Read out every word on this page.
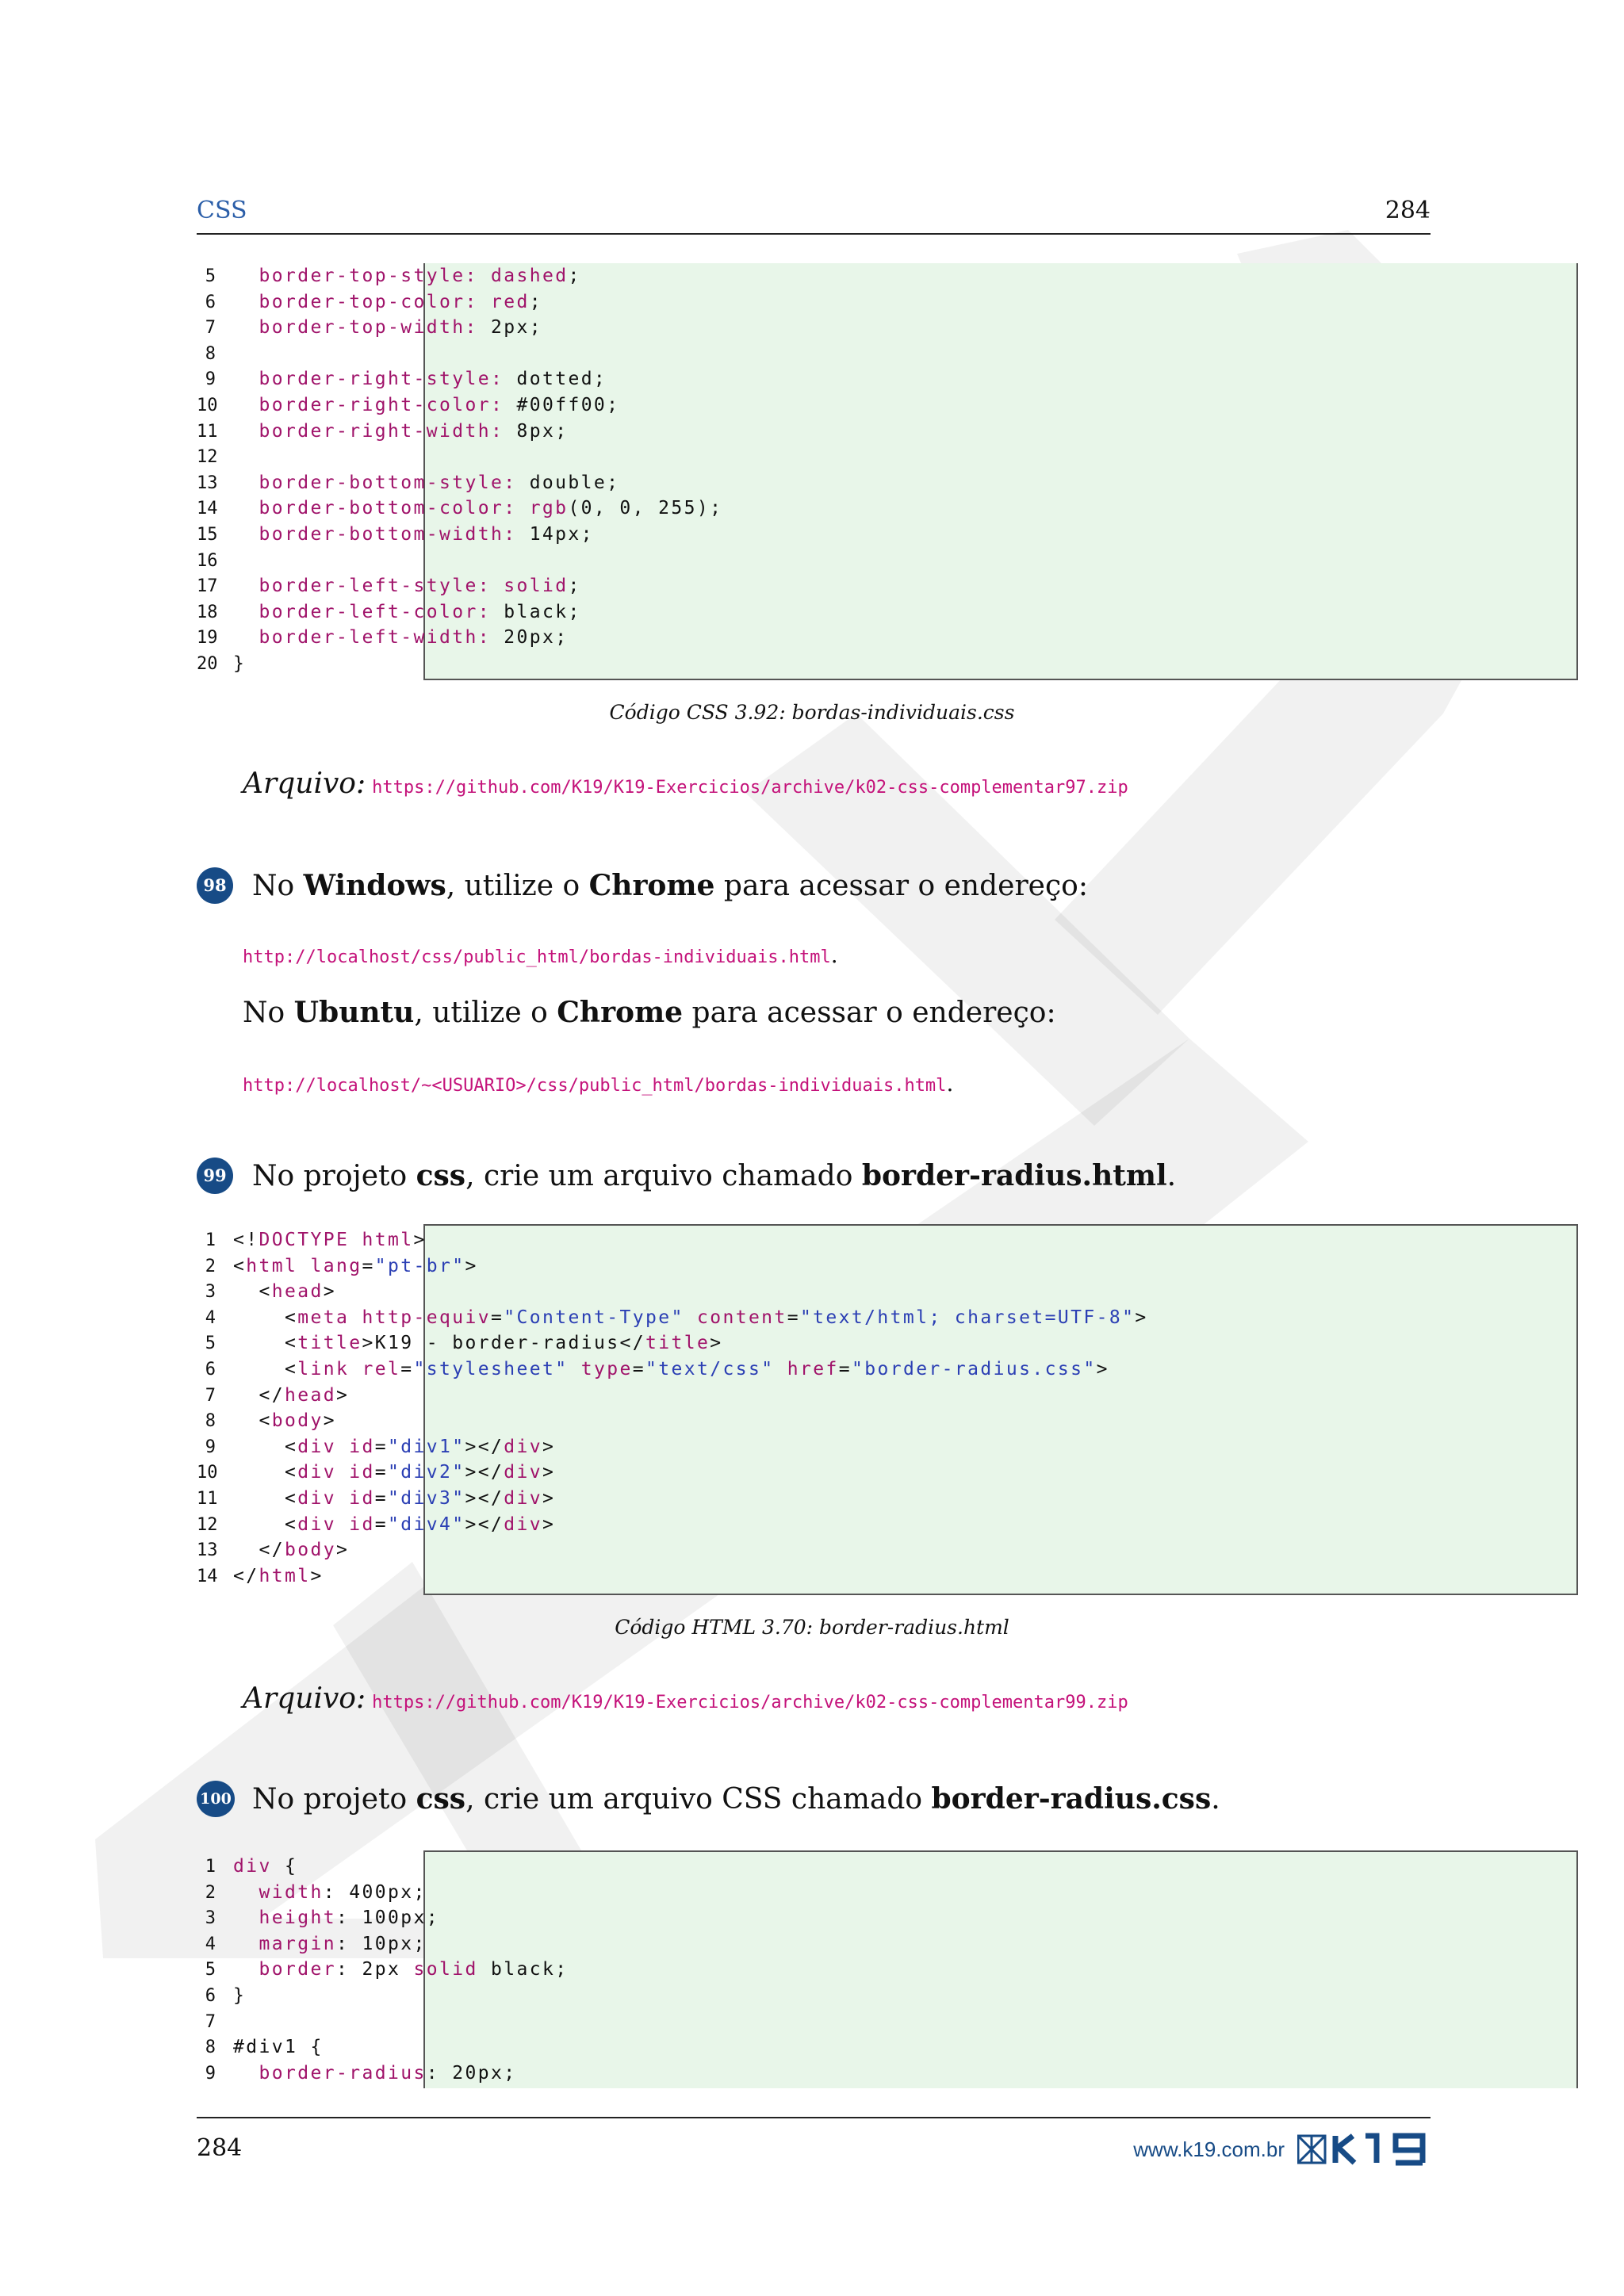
CSS	284
5 border-top-style: dashed;
6 border-top-color: red;
7 border-top-width: 2px;
8
9 border-right-style: dotted;
10 border-right-color: #00ff00;
11 border-right-width: 8px;
12
13 border-bottom-style: double;
14 border-bottom-color: rgb(0, 0, 255);
15 border-bottom-width: 14px;
16
17 border-left-style: solid;
18 border-left-color: black;
19 border-left-width: 20px;
20 }
Código CSS 3.92: bordas-individuais.css
Arquivo: https://github.com/K19/K19-Exercicios/archive/k02-css-complementar97.zip
98 No Windows, utilize o Chrome para acessar o endereço:
http://localhost/css/public_html/bordas-individuais.html.
No Ubuntu, utilize o Chrome para acessar o endereço:
http://localhost/~<USUARIO>/css/public_html/bordas-individuais.html.
99 No projeto css, crie um arquivo chamado border-radius.html.
1 <!DOCTYPE html>
2 <html lang="pt-br">
3 <head>
4 <meta http-equiv="Content-Type" content="text/html; charset=UTF-8">
5 <title>K19 - border-radius</title>
6 <link rel="stylesheet" type="text/css" href="border-radius.css">
7 </head>
8 <body>
9 <div id="div1"></div>
10 <div id="div2"></div>
11 <div id="div3"></div>
12 <div id="div4"></div>
13 </body>
14 </html>
Código HTML 3.70: border-radius.html
Arquivo: https://github.com/K19/K19-Exercicios/archive/k02-css-complementar99.zip
100 No projeto css, crie um arquivo CSS chamado border-radius.css.
1 div {
2 width: 400px;
3 height: 100px;
4 margin: 10px;
5 border: 2px solid black;
6 }
7
8 #div1 {
9 border-radius: 20px;
284	www.k19.com.br
